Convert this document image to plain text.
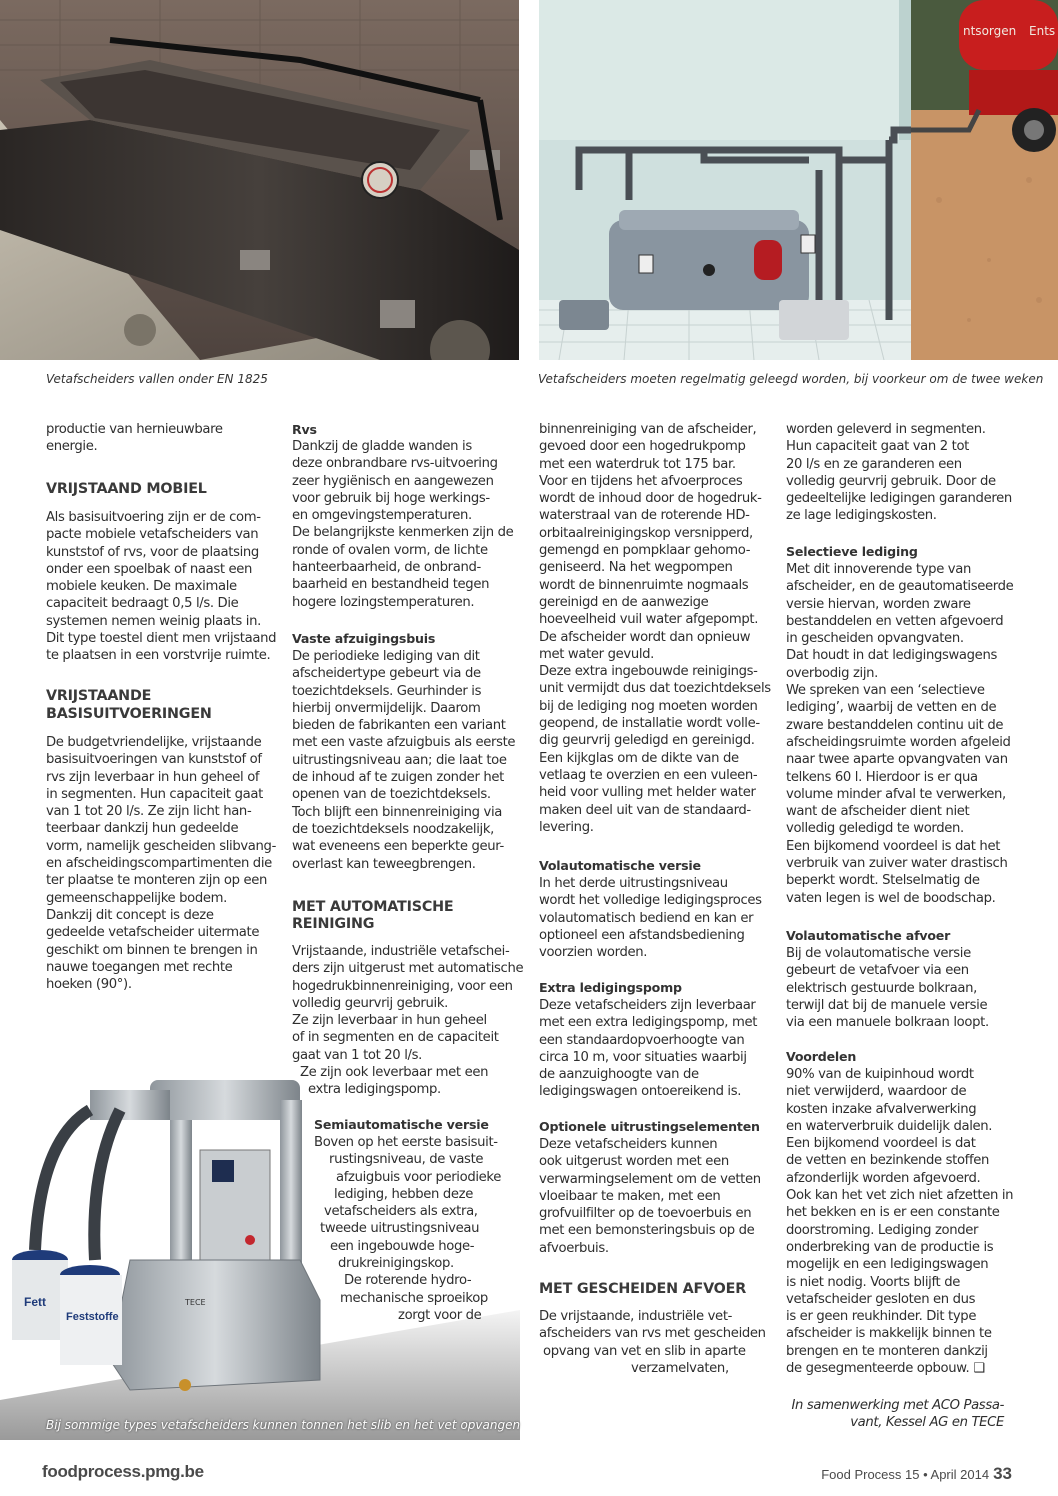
Vetafscheiders vallen onder EN 1825
ntsorgen Ents
Vetafscheiders moeten regelmatig geleegd worden, bij voorkeur om de twee weken

productie van hernieuwbare
energie.

VRIJSTAAND MOBIEL
Als basisuitvoering zijn er de com-
pacte mobiele vetafscheiders van
kunststof of rvs, voor de plaatsing
onder een spoelbak of naast een
mobiele keuken. De maximale
capaciteit bedraagt 0,5 l/s. Die
systemen nemen weinig plaats in.
Dit type toestel dient men vrijstaand
te plaatsen in een vorstvrije ruimte.
VRIJSTAANDE
BASISUITVOERINGEN
De budgetvriendelijke, vrijstaande
basisuitvoeringen van kunststof of
rvs zijn leverbaar in hun geheel of
in segmenten. Hun capaciteit gaat
van 1 tot 20 l/s. Ze zijn licht han-
teerbaar dankzij hun gedeelde
vorm, namelijk gescheiden slibvang-
en afscheidingscompartimenten die
ter plaatse te monteren zijn op een
gemeenschappelijke bodem.
Dankzij dit concept is deze
gedeelde vetafscheider uitermate
geschikt om binnen te brengen in
nauwe toegangen met rechte
hoeken (90°).
Rvs
Dankzij de gladde wanden is
deze onbrandbare rvs-uitvoering
zeer hygiënisch en aangewezen
voor gebruik bij hoge werkings-
en omgevingstemperaturen.
De belangrijkste kenmerken zijn de
ronde of ovalen vorm, de lichte
hanteerbaarheid, de onbrand-
baarheid en bestandheid tegen
hogere lozingstemperaturen.
Vaste afzuigingsbuis
De periodieke lediging van dit
afscheidertype gebeurt via de
toezichtdeksels. Geurhinder is
hierbij onvermijdelijk. Daarom
bieden de fabrikanten een variant
met een vaste afzuigbuis als eerste
uitrustingsniveau aan; die laat toe
de inhoud af te zuigen zonder het
openen van de toezichtdeksels.
Toch blijft een binnenreiniging via
de toezichtdeksels noodzakelijk,
wat eveneens een beperkte geur-
overlast kan teweegbrengen.
MET AUTOMATISCHE
REINIGING
Vrijstaande, industriële vetafschei-
ders zijn uitgerust met automatische
hogedrukbinnenreiniging, voor een
volledig geurvrij gebruik.
Ze zijn leverbaar in hun geheel
of in segmenten en de capaciteit
gaat van 1 tot 20 l/s.
Ze zijn ook leverbaar met een
extra ledigingspomp.
TECE
Fett
Feststoffe
Semiautomatische versie
Boven op het eerste basisuit-
rustingsniveau, de vaste
afzuigbuis voor periodieke
lediging, hebben deze
vetafscheiders als extra,
tweede uitrustingsniveau
een ingebouwde hoge-
drukreinigingskop.
De roterende hydro-
mechanische sproeikop
zorgt voor de
Bij sommige types vetafscheiders kunnen tonnen het slib en het vet opvangen
binnenreiniging van de afscheider,
gevoed door een hogedrukpomp
met een waterdruk tot 175 bar.
Voor en tijdens het afvoerproces
wordt de inhoud door de hogedruk-
waterstraal van de roterende HD-
orbitaalreinigingskop versnipperd,
gemengd en pompklaar gehomo-
geniseerd. Na het wegpompen
wordt de binnenruimte nogmaals
gereinigd en de aanwezige
hoeveelheid vuil water afgepompt.
De afscheider wordt dan opnieuw
met water gevuld.
Deze extra ingebouwde reinigings-
unit vermijdt dus dat toezichtdeksels
bij de lediging nog moeten worden
geopend, de installatie wordt volle-
dig geurvrij geledigd en gereinigd.
Een kijkglas om de dikte van de
vetlaag te overzien en een vuleen-
heid voor vulling met helder water
maken deel uit van de standaard-
levering.
Volautomatische versie
In het derde uitrustingsniveau
wordt het volledige ledigingsproces
volautomatisch bediend en kan er
optioneel een afstandsbediening
voorzien worden.
Extra ledigingspomp
Deze vetafscheiders zijn leverbaar
met een extra ledigingspomp, met
een standaardopvoerhoogte van
circa 10 m, voor situaties waarbij
de aanzuighoogte van de
ledigingswagen ontoereikend is.
Optionele uitrustingselementen
Deze vetafscheiders kunnen
ook uitgerust worden met een
verwarmingselement om de vetten
vloeibaar te maken, met een
grofvuilfilter op de toevoerbuis en
met een bemonsteringsbuis op de
afvoerbuis.
MET GESCHEIDEN AFVOER
De vrijstaande, industriële vet-
afscheiders van rvs met gescheiden
opvang van vet en slib in aparte
verzamelvaten,
worden geleverd in segmenten.
Hun capaciteit gaat van 2 tot
20 l/s en ze garanderen een
volledig geurvrij gebruik. Door de
gedeeltelijke ledigingen garanderen
ze lage ledigingskosten.
Selectieve lediging
Met dit innoverende type van
afscheider, en de geautomatiseerde
versie hiervan, worden zware
bestanddelen en vetten afgevoerd
in gescheiden opvangvaten.
Dat houdt in dat ledigingswagens
overbodig zijn.
We spreken van een ‘selectieve
lediging’, waarbij de vetten en de
zware bestanddelen continu uit de
afscheidingsruimte worden afgeleid
naar twee aparte opvangvaten van
telkens 60 l. Hierdoor is er qua
volume minder afval te verwerken,
want de afscheider dient niet
volledig geledigd te worden.
Een bijkomend voordeel is dat het
verbruik van zuiver water drastisch
beperkt wordt. Stelselmatig de
vaten legen is wel de boodschap.
Volautomatische afvoer
Bij de volautomatische versie
gebeurt de vetafvoer via een
elektrisch gestuurde bolkraan,
terwijl dat bij de manuele versie
via een manuele bolkraan loopt.
Voordelen
90% van de kuipinhoud wordt
niet verwijderd, waardoor de
kosten inzake afvalverwerking
en waterverbruik duidelijk dalen.
Een bijkomend voordeel is dat
de vetten en bezinkende stoffen
afzonderlijk worden afgevoerd.
Ook kan het vet zich niet afzetten in
het bekken en is er een constante
doorstroming. Lediging zonder
onderbreking van de productie is
mogelijk en een ledigingswagen
is niet nodig. Voorts blijft de
vetafscheider gesloten en dus
is er geen reukhinder. Dit type
afscheider is makkelijk binnen te
brengen en te monteren dankzij
de gesegmenteerde opbouw. ❑
In samenwerking met ACO Passa-
vant, Kessel AG en TECE
foodprocess.pmg.be	Food Process 15 • April 2014 33
